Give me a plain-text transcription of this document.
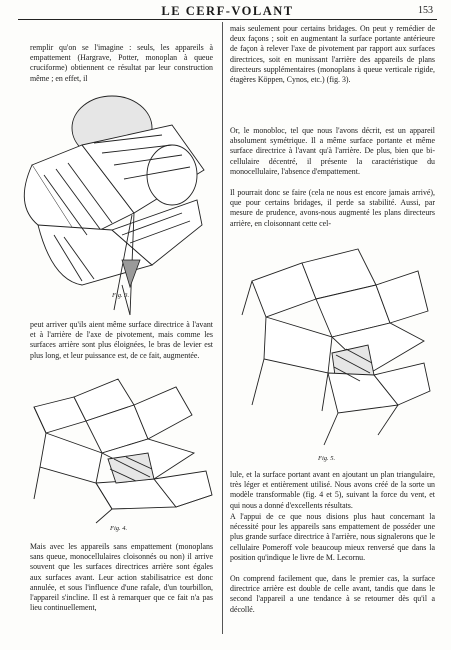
LE CERF-VOLANT	153

remplir qu'on se l'imagine : seuls, les appareils à empattement (Hargrave, Potter, monoplan à queue cruciforme) obtiennent ce résultat par leur construction même ; en effet, il

Fig. 3.

peut arriver qu'ils aient même surface directrice à l'avant et à l'arrière de l'axe de pivotement, mais comme les surfaces arrière sont plus éloignées, le bras de levier est plus long, et leur puissance est, de ce fait, augmentée.

Fig. 4.

Mais avec les appareils sans empattement (monoplans sans queue, monocellulaires cloisonnés ou non) il arrive souvent que les surfaces directrices arrière sont égales aux surfaces avant. Leur action stabilisatrice est donc annulée, et sous l'influence d'une rafale, d'un tourbillon, l'appareil s'incline. Il est à remarquer que ce fait n'a pas lieu continuellement,

mais seulement pour certains bridages. On peut y remédier de deux façons ; soit en augmentant la surface portante antérieure de façon à relever l'axe de pivotement par rapport aux surfaces directrices, soit en munissant l'arrière des appareils de plans directeurs supplémentaires (monoplans à queue verticale rigide, étagères Köppen, Cynos, etc.) (fig. 3).

Or, le monobloc, tel que nous l'avons décrit, est un appareil absolument symétrique. Il a même surface portante et même surface directrice à l'avant qu'à l'arrière. De plus, bien que bi-cellulaire décentré, il présente la caractéristique du monocellulaire, l'absence d'empattement.

Il pourrait donc se faire (cela ne nous est encore jamais arrivé), que pour certains bridages, il perde sa stabilité. Aussi, par mesure de prudence, avons-nous augmenté les plans directeurs arrière, en cloisonnant cette cel-

Fig. 5.

lule, et la surface portant avant en ajoutant un plan triangulaire, très léger et entièrement utilisé. Nous avons créé de la sorte un modèle transformable (fig. 4 et 5), suivant la force du vent, et qui nous a donné d'excellents résultats.

A l'appui de ce que nous disions plus haut concernant la nécessité pour les appareils sans empattement de posséder une plus grande surface directrice à l'arrière, nous signalerons que le cellulaire Pomeroff vole beaucoup mieux renversé que dans la position qu'indique le livre de M. Lecornu.

On comprend facilement que, dans le premier cas, la surface directrice arrière est double de celle avant, tandis que dans le second l'appareil a une tendance à se retourner dès qu'il a décollé.
